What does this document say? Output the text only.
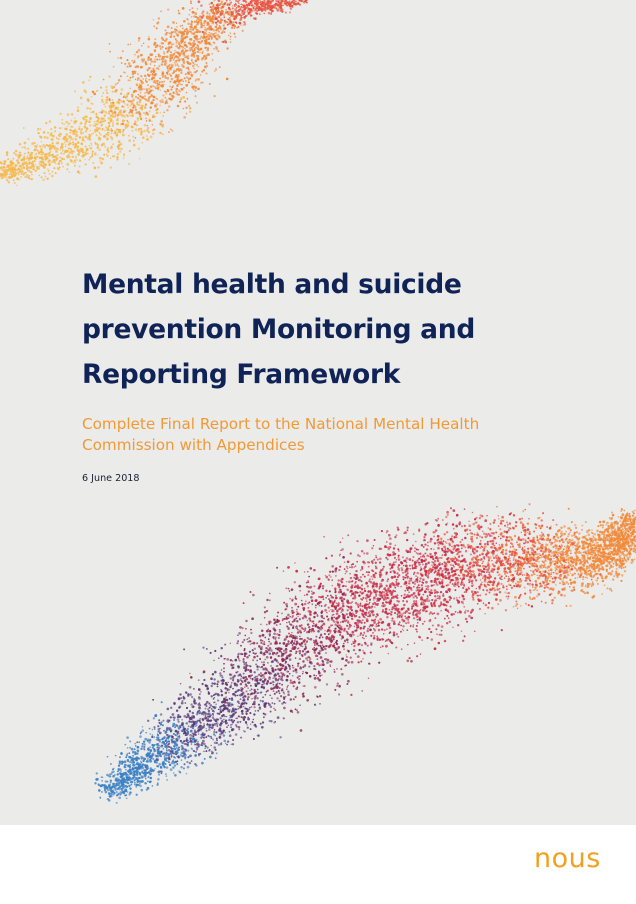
Mental health and suicide
prevention Monitoring and
Reporting Framework

Complete Final Report to the National Mental Health
Commission with Appendices

6 June 2018

nous
